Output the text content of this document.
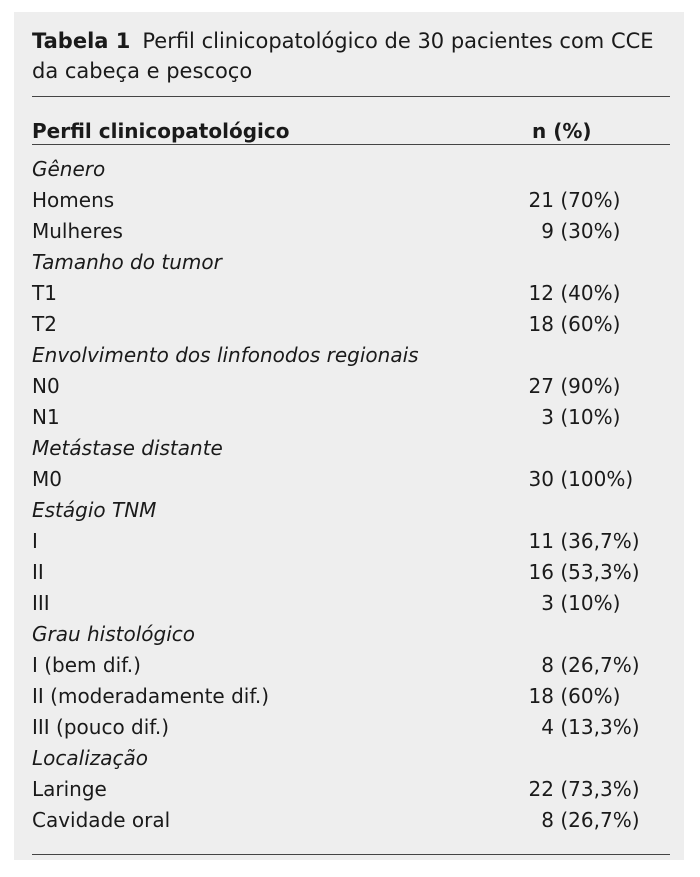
Tabela 1 Perfil clinicopatológico de 30 pacientes com CCE da cabeça e pescoço
Perfil clinicopatológico	n (%)
Gênero
Homens	21 (70%)
Mulheres	9 (30%)
Tamanho do tumor
T1	12 (40%)
T2	18 (60%)
Envolvimento dos linfonodos regionais
N0	27 (90%)
N1	3 (10%)
Metástase distante
M0	30 (100%)
Estágio TNM
I	11 (36,7%)
II	16 (53,3%)
III	3 (10%)
Grau histológico
I (bem dif.)	8 (26,7%)
II (moderadamente dif.)	18 (60%)
III (pouco dif.)	4 (13,3%)
Localização
Laringe	22 (73,3%)
Cavidade oral	8 (26,7%)
